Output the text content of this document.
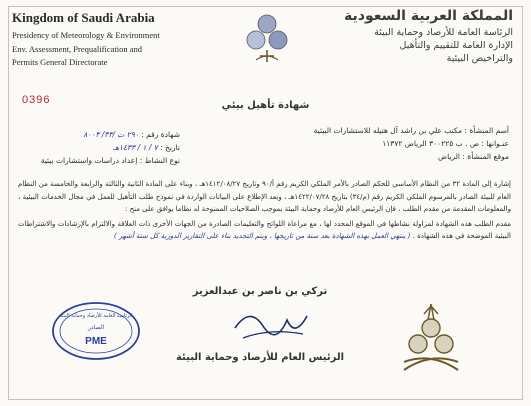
Kingdom of Saudi Arabia
Presidency of Meteorology & Environment
Env. Assessment, Prequalification and
Permits General Directorate
المملكة العربية السعودية
الرئاسة العامة للأرصاد وحماية البيئة
الإدارة العامة للتقييم والتأهيل
والتراخيص البيئية
0396	شهادة تأهيل بيئي
أسم المنشأة : مكتب علي بن راشد آل هتيله للاستشارات البيئية
عنـوانها : ص . ب ٣٠٠٢٢٥ الرياض ١١٣٧٢
موقع المنشأة : الرياض
شهادة رقم : ٢٩٠ ت /٣٣/ ٨٠٠٣
تاريخ : ٧ / ١ / ١٤٣٣هـ
نوع النشاط : إعداد دراسات واستشارات بيئية
إشارة إلى المادة ٣٢ من النظام الأساسي للحكم الصادر بالأمر الملكي الكريم رقم أ/٩٠ وتاريخ ١٤١٢/٠٨/٢٧هـ ، وبناء على المادة الثانية والثالثة والرابعة والخامسة من النظام العام للبيئة الصادر بالمرسوم الملكي الكريم رقم (م/٣٤) بتاريخ ١٤٢٢/٠٧/٢٨هـ ، وبعد الإطلاع على البيانات الواردة في نموذج طلب التأهيل للعمل في مجال الخدمات البيئية ، والمعلومات المقدمة من مقدم الطلب ، فإن الرئيس العام للأرصاد وحماية البيئة بموجب الصلاحيات الممنوحة له نظاما يوافق على منح :
مقدم الطلب هذه الشهادة لمزاولة نشاطها في الموقع المحدد لها ، مع مراعاة اللوائح والتعليمات الصادرة من الجهات الأخرى ذات العلاقة والالتزام بالإرشادات والاشتراطات البيئية الموضحة في هذه الشهادة . ( ينتهي العمل بهذه الشهادة بعد سنة من تاريخها ، ويتم التجديد بناء على التقارير الدورية كل ستة أشهر )
تركي بن ناصر بن عبدالعزيز
الرئيس العام للأرصاد وحماية البيئة
الرئاسة العامة للأرصاد وحماية البيئة
الصادر
PME
